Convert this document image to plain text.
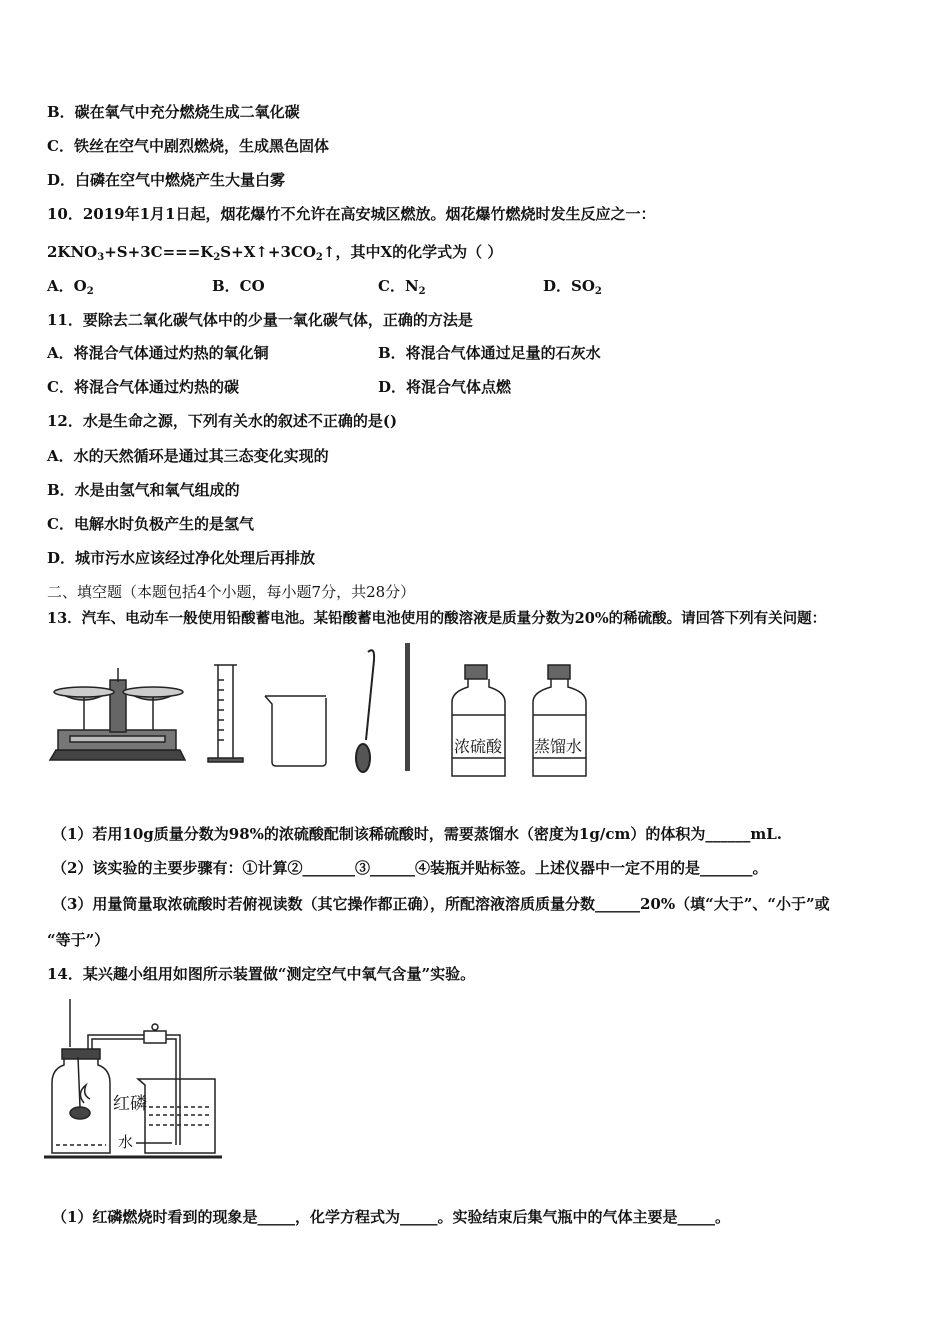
B．碳在氧气中充分燃烧生成二氧化碳
C．铁丝在空气中剧烈燃烧，生成黑色固体
D．白磷在空气中燃烧产生大量白雾
10．2019年1月1日起，烟花爆竹不允许在高安城区燃放。烟花爆竹燃烧时发生反应之一：
$2KNO_3+S+3C===K_2S+X↑+3CO_2↑$，其中X的化学式为（ ）
A．$O_2$	B．CO	C．$N_2$	D．$SO_2$
11．要除去二氧化碳气体中的少量一氧化碳气体，正确的方法是
A．将混合气体通过灼热的氧化铜	B．将混合气体通过足量的石灰水
C．将混合气体通过灼热的碳	D．将混合气体点燃
12．水是生命之源，下列有关水的叙述不正确的是()
A．水的天然循环是通过其三态变化实现的
B．水是由氢气和氧气组成的
C．电解水时负极产生的是氢气
D．城市污水应该经过净化处理后再排放
二、填空题（本题包括4个小题，每小题7分，共28分）
13．汽车、电动车一般使用铅酸蓄电池。某铅酸蓄电池使用的酸溶液是质量分数为20%的稀硫酸。请回答下列有关问题：
浓硫酸 蒸馏水
（1）若用10g质量分数为98%的浓硫酸配制该稀硫酸时，需要蒸馏水（密度为1g/cm）的体积为______mL.
（2）该实验的主要步骤有：①计算②_______③______④装瓶并贴标签。上述仪器中一定不用的是_______。
（3）用量筒量取浓硫酸时若俯视读数（其它操作都正确），所配溶液溶质质量分数______20%（填“大于”、“小于”或
“等于”）
14．某兴趣小组用如图所示装置做“测定空气中氧气含量”实验。
红磷
水
（1）红磷燃烧时看到的现象是_____，化学方程式为_____。实验结束后集气瓶中的气体主要是_____。
